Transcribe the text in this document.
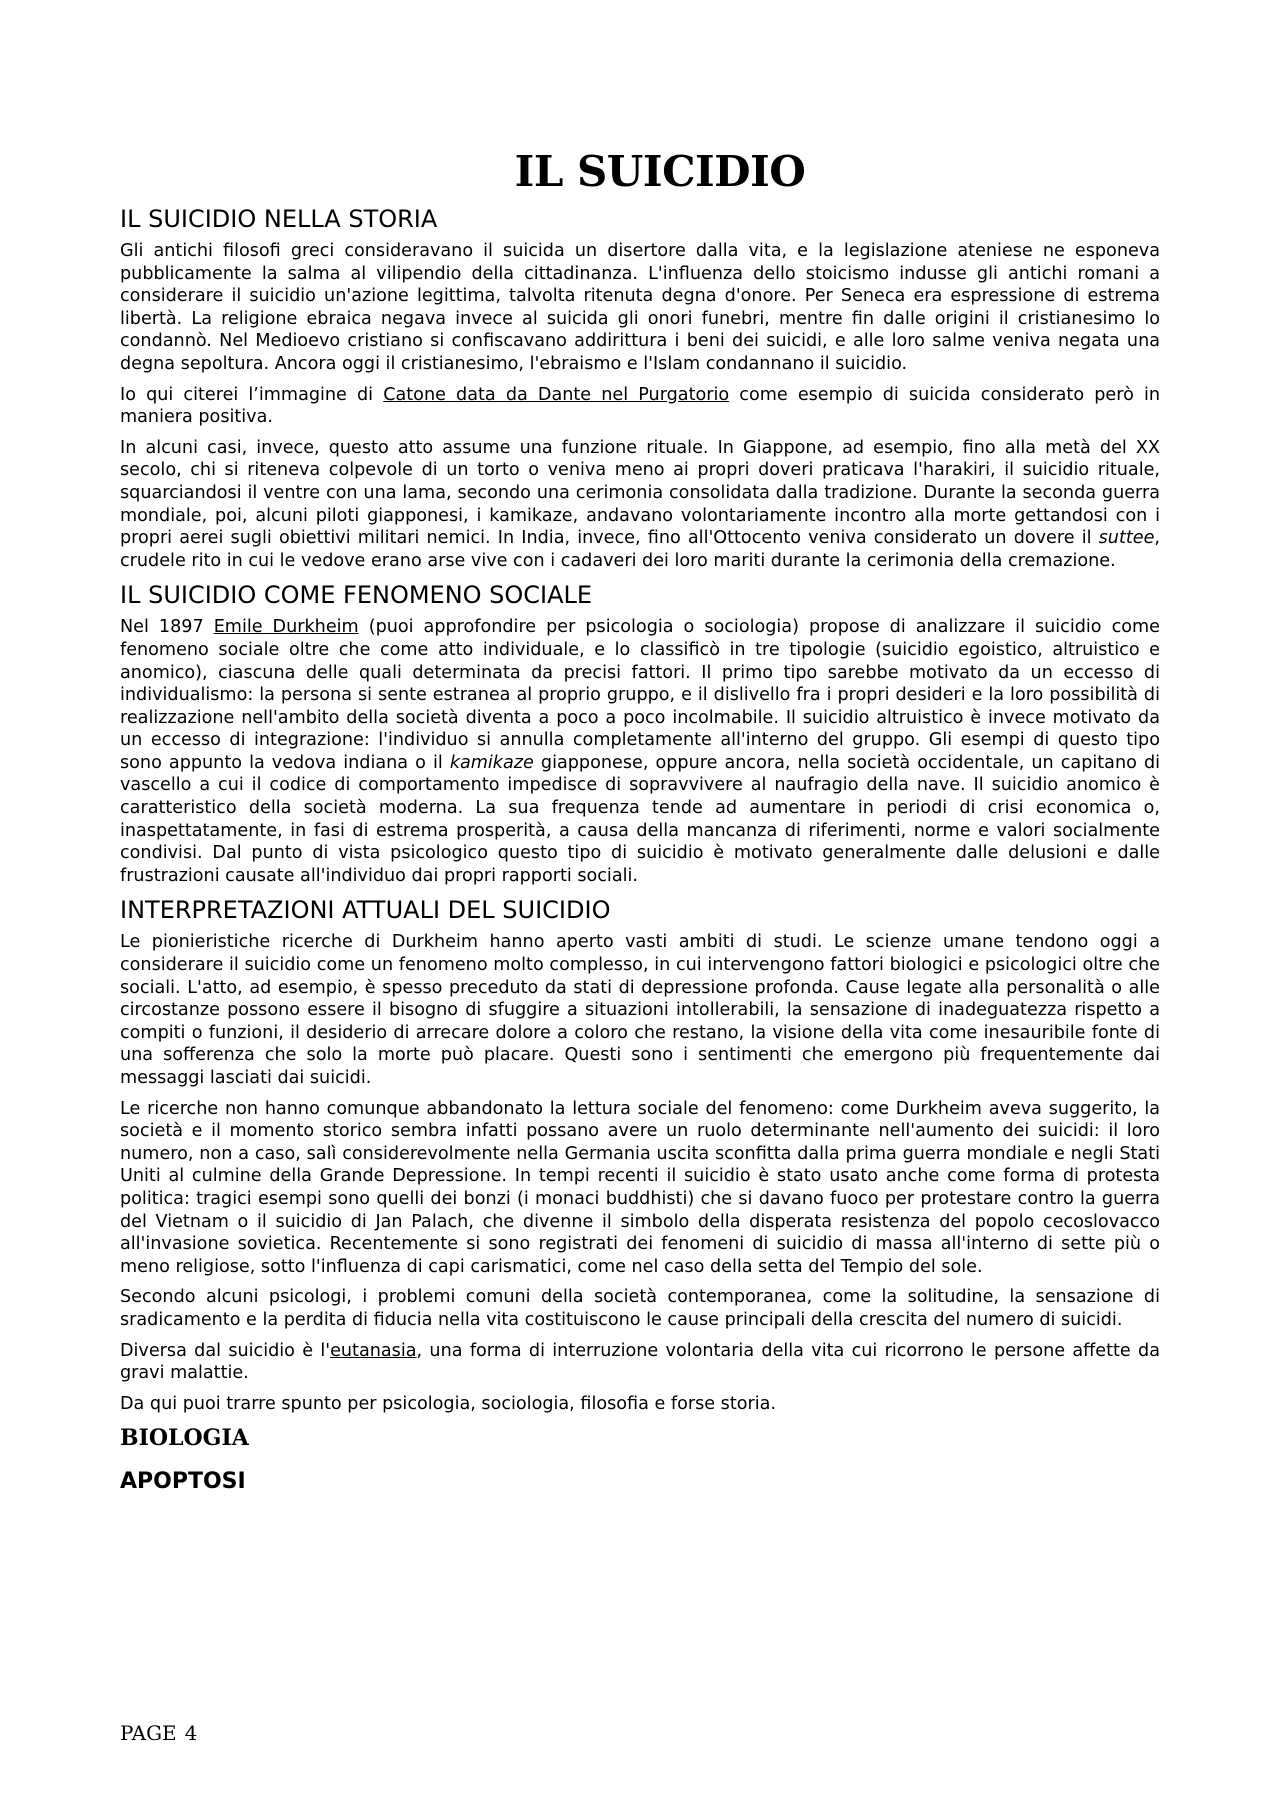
IL SUICIDIO
IL SUICIDIO NELLA STORIA

Gli antichi filosofi greci consideravano il suicida un disertore dalla vita, e la legislazione ateniese ne esponeva pubblicamente la salma al vilipendio della cittadinanza. L'influenza dello stoicismo indusse gli antichi romani a considerare il suicidio un'azione legittima, talvolta ritenuta degna d'onore. Per Seneca era espressione di estrema libertà. La religione ebraica negava invece al suicida gli onori funebri, mentre fin dalle origini il cristianesimo lo condannò. Nel Medioevo cristiano si confiscavano addirittura i beni dei suicidi, e alle loro salme veniva negata una degna sepoltura. Ancora oggi il cristianesimo, l'ebraismo e l'Islam condannano il suicidio.

Io qui citerei l’immagine di Catone data da Dante nel Purgatorio come esempio di suicida considerato però in maniera positiva.

In alcuni casi, invece, questo atto assume una funzione rituale. In Giappone, ad esempio, fino alla metà del XX secolo, chi si riteneva colpevole di un torto o veniva meno ai propri doveri praticava l'harakiri, il suicidio rituale, squarciandosi il ventre con una lama, secondo una cerimonia consolidata dalla tradizione. Durante la seconda guerra mondiale, poi, alcuni piloti giapponesi, i kamikaze, andavano volontariamente incontro alla morte gettandosi con i propri aerei sugli obiettivi militari nemici. In India, invece, fino all'Ottocento veniva considerato un dovere il suttee, crudele rito in cui le vedove erano arse vive con i cadaveri dei loro mariti durante la cerimonia della cremazione.

IL SUICIDIO COME FENOMENO SOCIALE

Nel 1897 Emile Durkheim (puoi approfondire per psicologia o sociologia) propose di analizzare il suicidio come fenomeno sociale oltre che come atto individuale, e lo classificò in tre tipologie (suicidio egoistico, altruistico e anomico), ciascuna delle quali determinata da precisi fattori. Il primo tipo sarebbe motivato da un eccesso di individualismo: la persona si sente estranea al proprio gruppo, e il dislivello fra i propri desideri e la loro possibilità di realizzazione nell'ambito della società diventa a poco a poco incolmabile. Il suicidio altruistico è invece motivato da un eccesso di integrazione: l'individuo si annulla completamente all'interno del gruppo. Gli esempi di questo tipo sono appunto la vedova indiana o il kamikaze giapponese, oppure ancora, nella società occidentale, un capitano di vascello a cui il codice di comportamento impedisce di sopravvivere al naufragio della nave. Il suicidio anomico è caratteristico della società moderna. La sua frequenza tende ad aumentare in periodi di crisi economica o, inaspettatamente, in fasi di estrema prosperità, a causa della mancanza di riferimenti, norme e valori socialmente condivisi. Dal punto di vista psicologico questo tipo di suicidio è motivato generalmente dalle delusioni e dalle frustrazioni causate all'individuo dai propri rapporti sociali.

INTERPRETAZIONI ATTUALI DEL SUICIDIO

Le pionieristiche ricerche di Durkheim hanno aperto vasti ambiti di studi. Le scienze umane tendono oggi a considerare il suicidio come un fenomeno molto complesso, in cui intervengono fattori biologici e psicologici oltre che sociali. L'atto, ad esempio, è spesso preceduto da stati di depressione profonda. Cause legate alla personalità o alle circostanze possono essere il bisogno di sfuggire a situazioni intollerabili, la sensazione di inadeguatezza rispetto a compiti o funzioni, il desiderio di arrecare dolore a coloro che restano, la visione della vita come inesauribile fonte di una sofferenza che solo la morte può placare. Questi sono i sentimenti che emergono più frequentemente dai messaggi lasciati dai suicidi.

Le ricerche non hanno comunque abbandonato la lettura sociale del fenomeno: come Durkheim aveva suggerito, la società e il momento storico sembra infatti possano avere un ruolo determinante nell'aumento dei suicidi: il loro numero, non a caso, salì considerevolmente nella Germania uscita sconfitta dalla prima guerra mondiale e negli Stati Uniti al culmine della Grande Depressione. In tempi recenti il suicidio è stato usato anche come forma di protesta politica: tragici esempi sono quelli dei bonzi (i monaci buddhisti) che si davano fuoco per protestare contro la guerra del Vietnam o il suicidio di Jan Palach, che divenne il simbolo della disperata resistenza del popolo cecoslovacco all'invasione sovietica. Recentemente si sono registrati dei fenomeni di suicidio di massa all'interno di sette più o meno religiose, sotto l'influenza di capi carismatici, come nel caso della setta del Tempio del sole.

Secondo alcuni psicologi, i problemi comuni della società contemporanea, come la solitudine, la sensazione di sradicamento e la perdita di fiducia nella vita costituiscono le cause principali della crescita del numero di suicidi.

Diversa dal suicidio è l'eutanasia, una forma di interruzione volontaria della vita cui ricorrono le persone affette da gravi malattie.

Da qui puoi trarre spunto per psicologia, sociologia, filosofia e forse storia.

BIOLOGIA
APOPTOSI
PAGE 4
